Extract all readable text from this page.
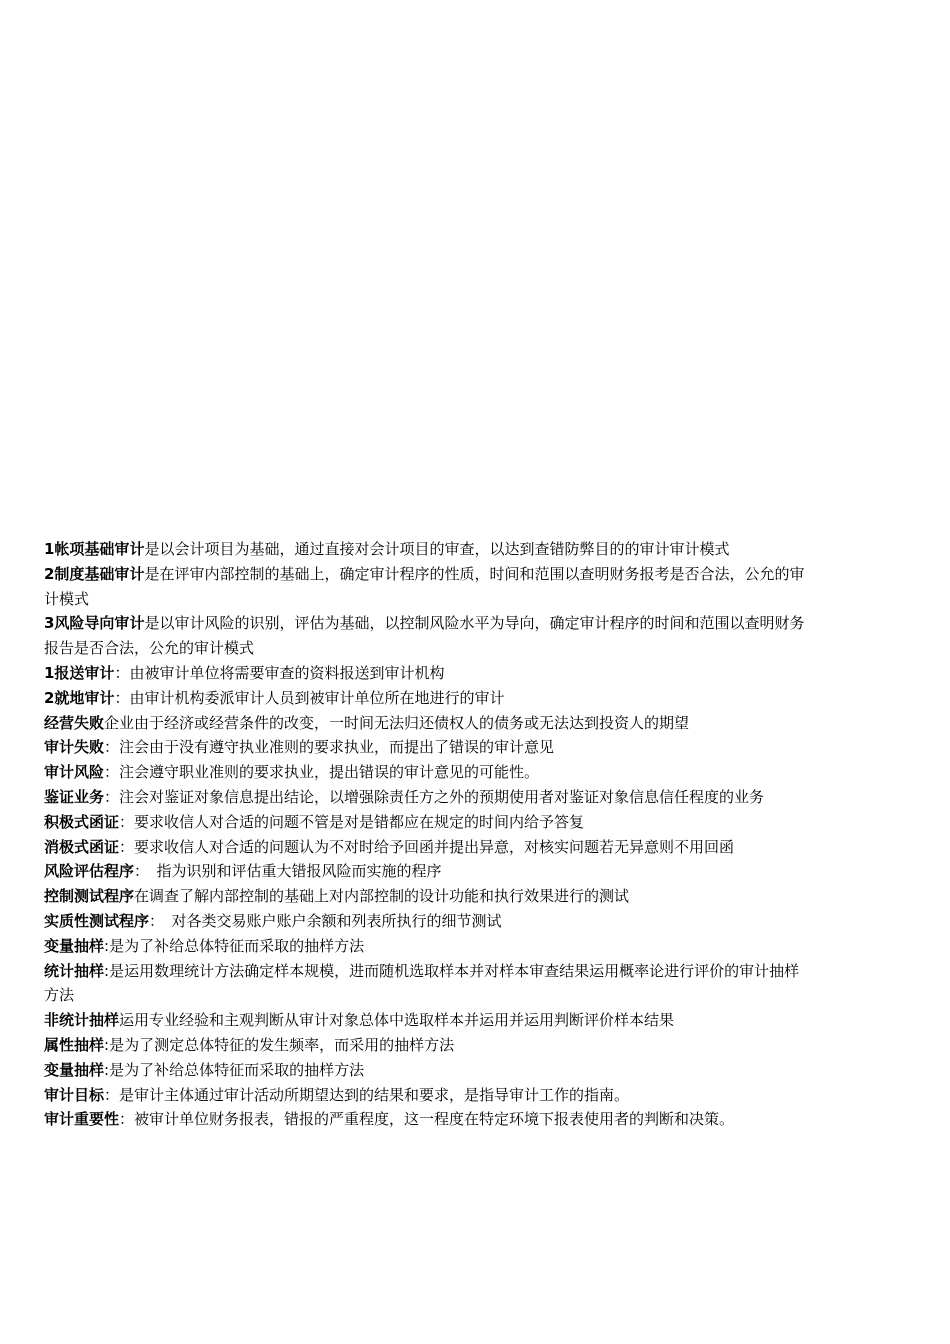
1帐项基础审计是以会计项目为基础，通过直接对会计项目的审查，以达到查错防弊目的的审计审计模式

2制度基础审计是在评审内部控制的基础上，确定审计程序的性质，时间和范围以查明财务报考是否合法，公允的审计模式

3风险导向审计是以审计风险的识别，评估为基础，以控制风险水平为导向，确定审计程序的时间和范围以查明财务报告是否合法，公允的审计模式

1报送审计：由被审计单位将需要审查的资料报送到审计机构

2就地审计：由审计机构委派审计人员到被审计单位所在地进行的审计

经营失败企业由于经济或经营条件的改变，一时间无法归还债权人的债务或无法达到投资人的期望

审计失败：注会由于没有遵守执业准则的要求执业，而提出了错误的审计意见

审计风险：注会遵守职业准则的要求执业，提出错误的审计意见的可能性。

鉴证业务：注会对鉴证对象信息提出结论，以增强除责任方之外的预期使用者对鉴证对象信息信任程度的业务

积极式函证：要求收信人对合适的问题不管是对是错都应在规定的时间内给予答复

消极式函证：要求收信人对合适的问题认为不对时给予回函并提出异意，对核实问题若无异意则不用回函

风险评估程序：　指为识别和评估重大错报风险而实施的程序

控制测试程序在调查了解内部控制的基础上对内部控制的设计功能和执行效果进行的测试

实质性测试程序：　对各类交易账户账户余额和列表所执行的细节测试

变量抽样:是为了补给总体特征而采取的抽样方法

统计抽样:是运用数理统计方法确定样本规模，进而随机选取样本并对样本审查结果运用概率论进行评价的审计抽样方法

非统计抽样运用专业经验和主观判断从审计对象总体中选取样本并运用并运用判断评价样本结果

属性抽样:是为了测定总体特征的发生频率，而采用的抽样方法

变量抽样:是为了补给总体特征而采取的抽样方法

审计目标：是审计主体通过审计活动所期望达到的结果和要求，是指导审计工作的指南。

审计重要性：被审计单位财务报表，错报的严重程度，这一程度在特定环境下报表使用者的判断和决策。
